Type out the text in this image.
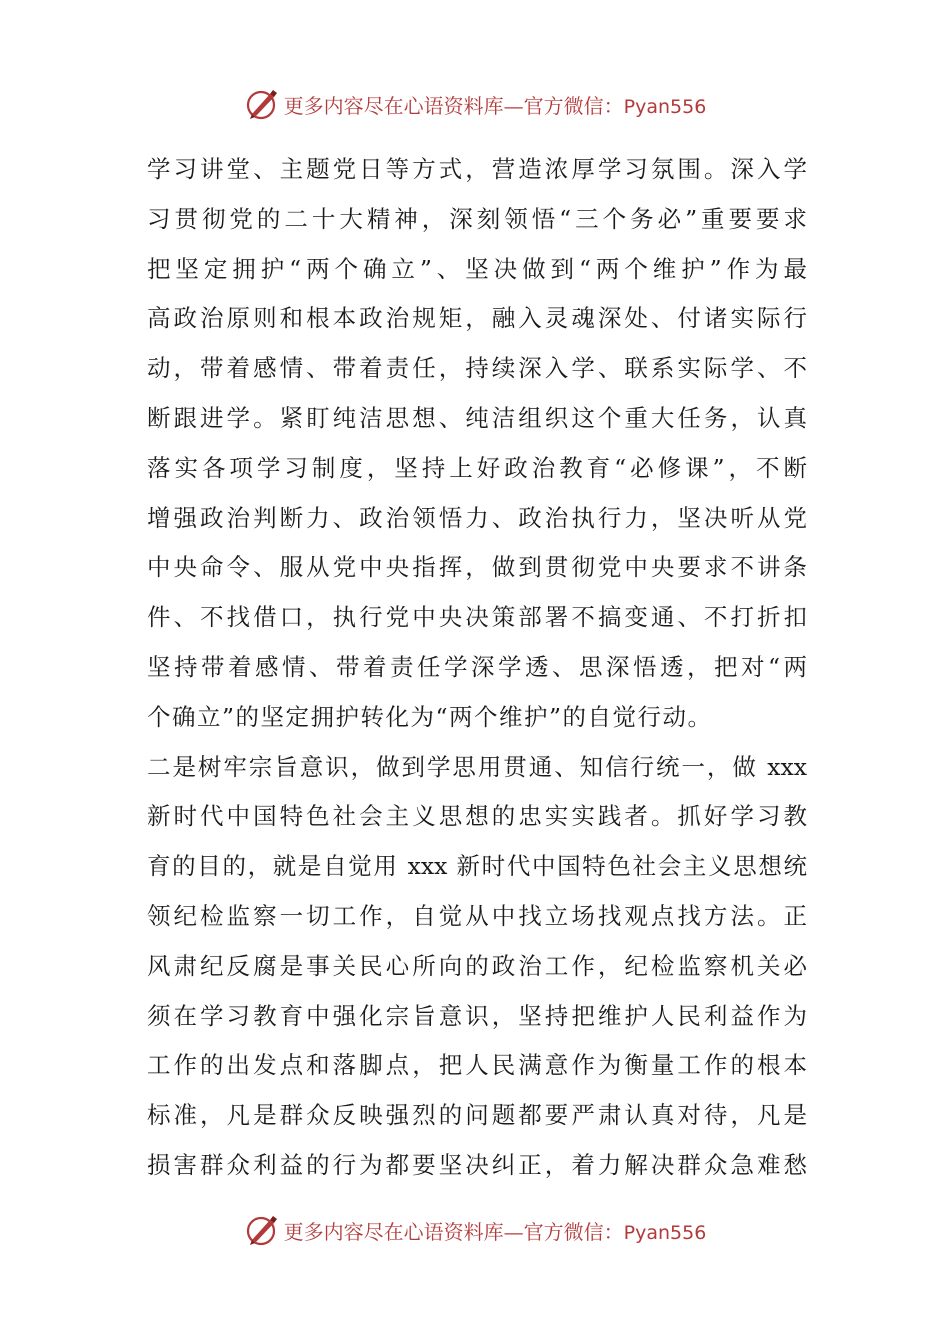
更多内容尽在心语资料库—官方微信：Pyan556
学习讲堂、主题党日等方式，营造浓厚学习氛围。深入学
习贯彻党的二十大精神，深刻领悟“三个务必”重要要求
把坚定拥护“两个确立”、坚决做到“两个维护”作为最
高政治原则和根本政治规矩，融入灵魂深处、付诸实际行
动，带着感情、带着责任，持续深入学、联系实际学、不
断跟进学。紧盯纯洁思想、纯洁组织这个重大任务，认真
落实各项学习制度，坚持上好政治教育“必修课”，不断
增强政治判断力、政治领悟力、政治执行力，坚决听从党
中央命令、服从党中央指挥，做到贯彻党中央要求不讲条
件、不找借口，执行党中央决策部署不搞变通、不打折扣
坚持带着感情、带着责任学深学透、思深悟透，把对“两
个确立”的坚定拥护转化为“两个维护”的自觉行动。
二是树牢宗旨意识，做到学思用贯通、知信行统一，做 xxx
新时代中国特色社会主义思想的忠实实践者。抓好学习教
育的目的，就是自觉用 xxx 新时代中国特色社会主义思想统
领纪检监察一切工作，自觉从中找立场找观点找方法。正
风肃纪反腐是事关民心所向的政治工作，纪检监察机关必
须在学习教育中强化宗旨意识，坚持把维护人民利益作为
工作的出发点和落脚点，把人民满意作为衡量工作的根本
标准，凡是群众反映强烈的问题都要严肃认真对待，凡是
损害群众利益的行为都要坚决纠正，着力解决群众急难愁
更多内容尽在心语资料库—官方微信：Pyan556
